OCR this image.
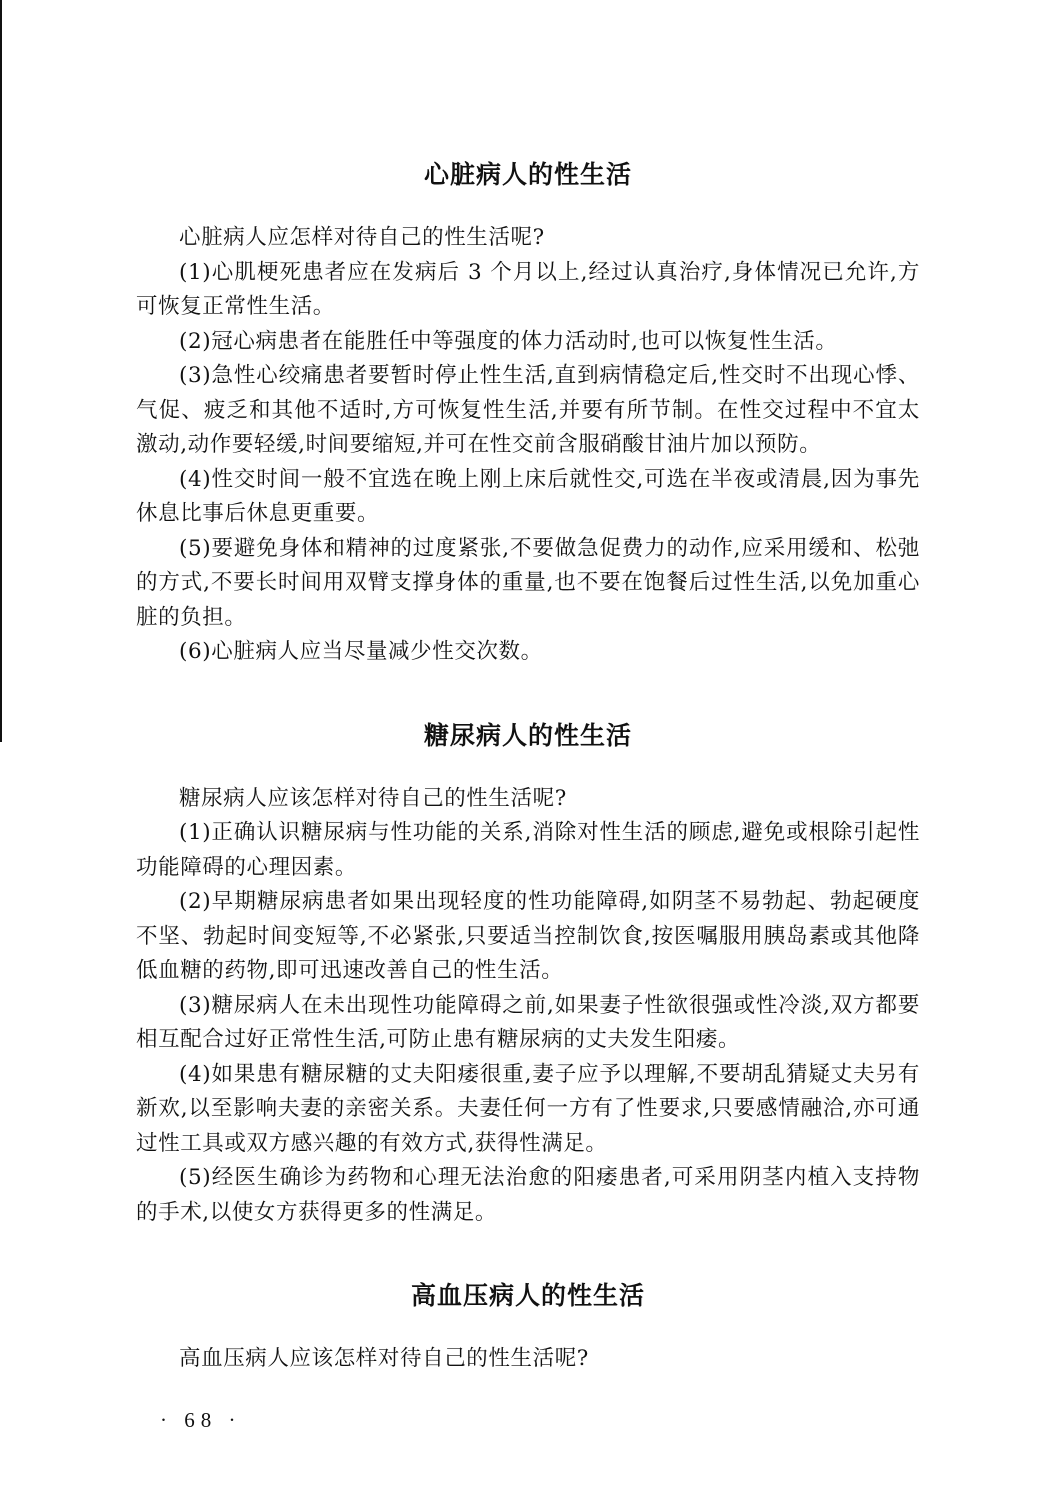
心脏病人的性生活

心脏病人应怎样对待自己的性生活呢?

(1)心肌梗死患者应在发病后 3 个月以上,经过认真治疗,身体情况已允许,方可恢复正常性生活。

(2)冠心病患者在能胜任中等强度的体力活动时,也可以恢复性生活。

(3)急性心绞痛患者要暂时停止性生活,直到病情稳定后,性交时不出现心悸、气促、疲乏和其他不适时,方可恢复性生活,并要有所节制。在性交过程中不宜太激动,动作要轻缓,时间要缩短,并可在性交前含服硝酸甘油片加以预防。

(4)性交时间一般不宜选在晚上刚上床后就性交,可选在半夜或清晨,因为事先休息比事后休息更重要。

(5)要避免身体和精神的过度紧张,不要做急促费力的动作,应采用缓和、松弛的方式,不要长时间用双臂支撑身体的重量,也不要在饱餐后过性生活,以免加重心脏的负担。

(6)心脏病人应当尽量减少性交次数。

糖尿病人的性生活

糖尿病人应该怎样对待自己的性生活呢?

(1)正确认识糖尿病与性功能的关系,消除对性生活的顾虑,避免或根除引起性功能障碍的心理因素。

(2)早期糖尿病患者如果出现轻度的性功能障碍,如阴茎不易勃起、勃起硬度不坚、勃起时间变短等,不必紧张,只要适当控制饮食,按医嘱服用胰岛素或其他降低血糖的药物,即可迅速改善自己的性生活。

(3)糖尿病人在未出现性功能障碍之前,如果妻子性欲很强或性冷淡,双方都要相互配合过好正常性生活,可防止患有糖尿病的丈夫发生阳痿。

(4)如果患有糖尿糖的丈夫阳痿很重,妻子应予以理解,不要胡乱猜疑丈夫另有新欢,以至影响夫妻的亲密关系。夫妻任何一方有了性要求,只要感情融洽,亦可通过性工具或双方感兴趣的有效方式,获得性满足。

(5)经医生确诊为药物和心理无法治愈的阳痿患者,可采用阴茎内植入支持物的手术,以使女方获得更多的性满足。

高血压病人的性生活

高血压病人应该怎样对待自己的性生活呢?

· 68 ·
